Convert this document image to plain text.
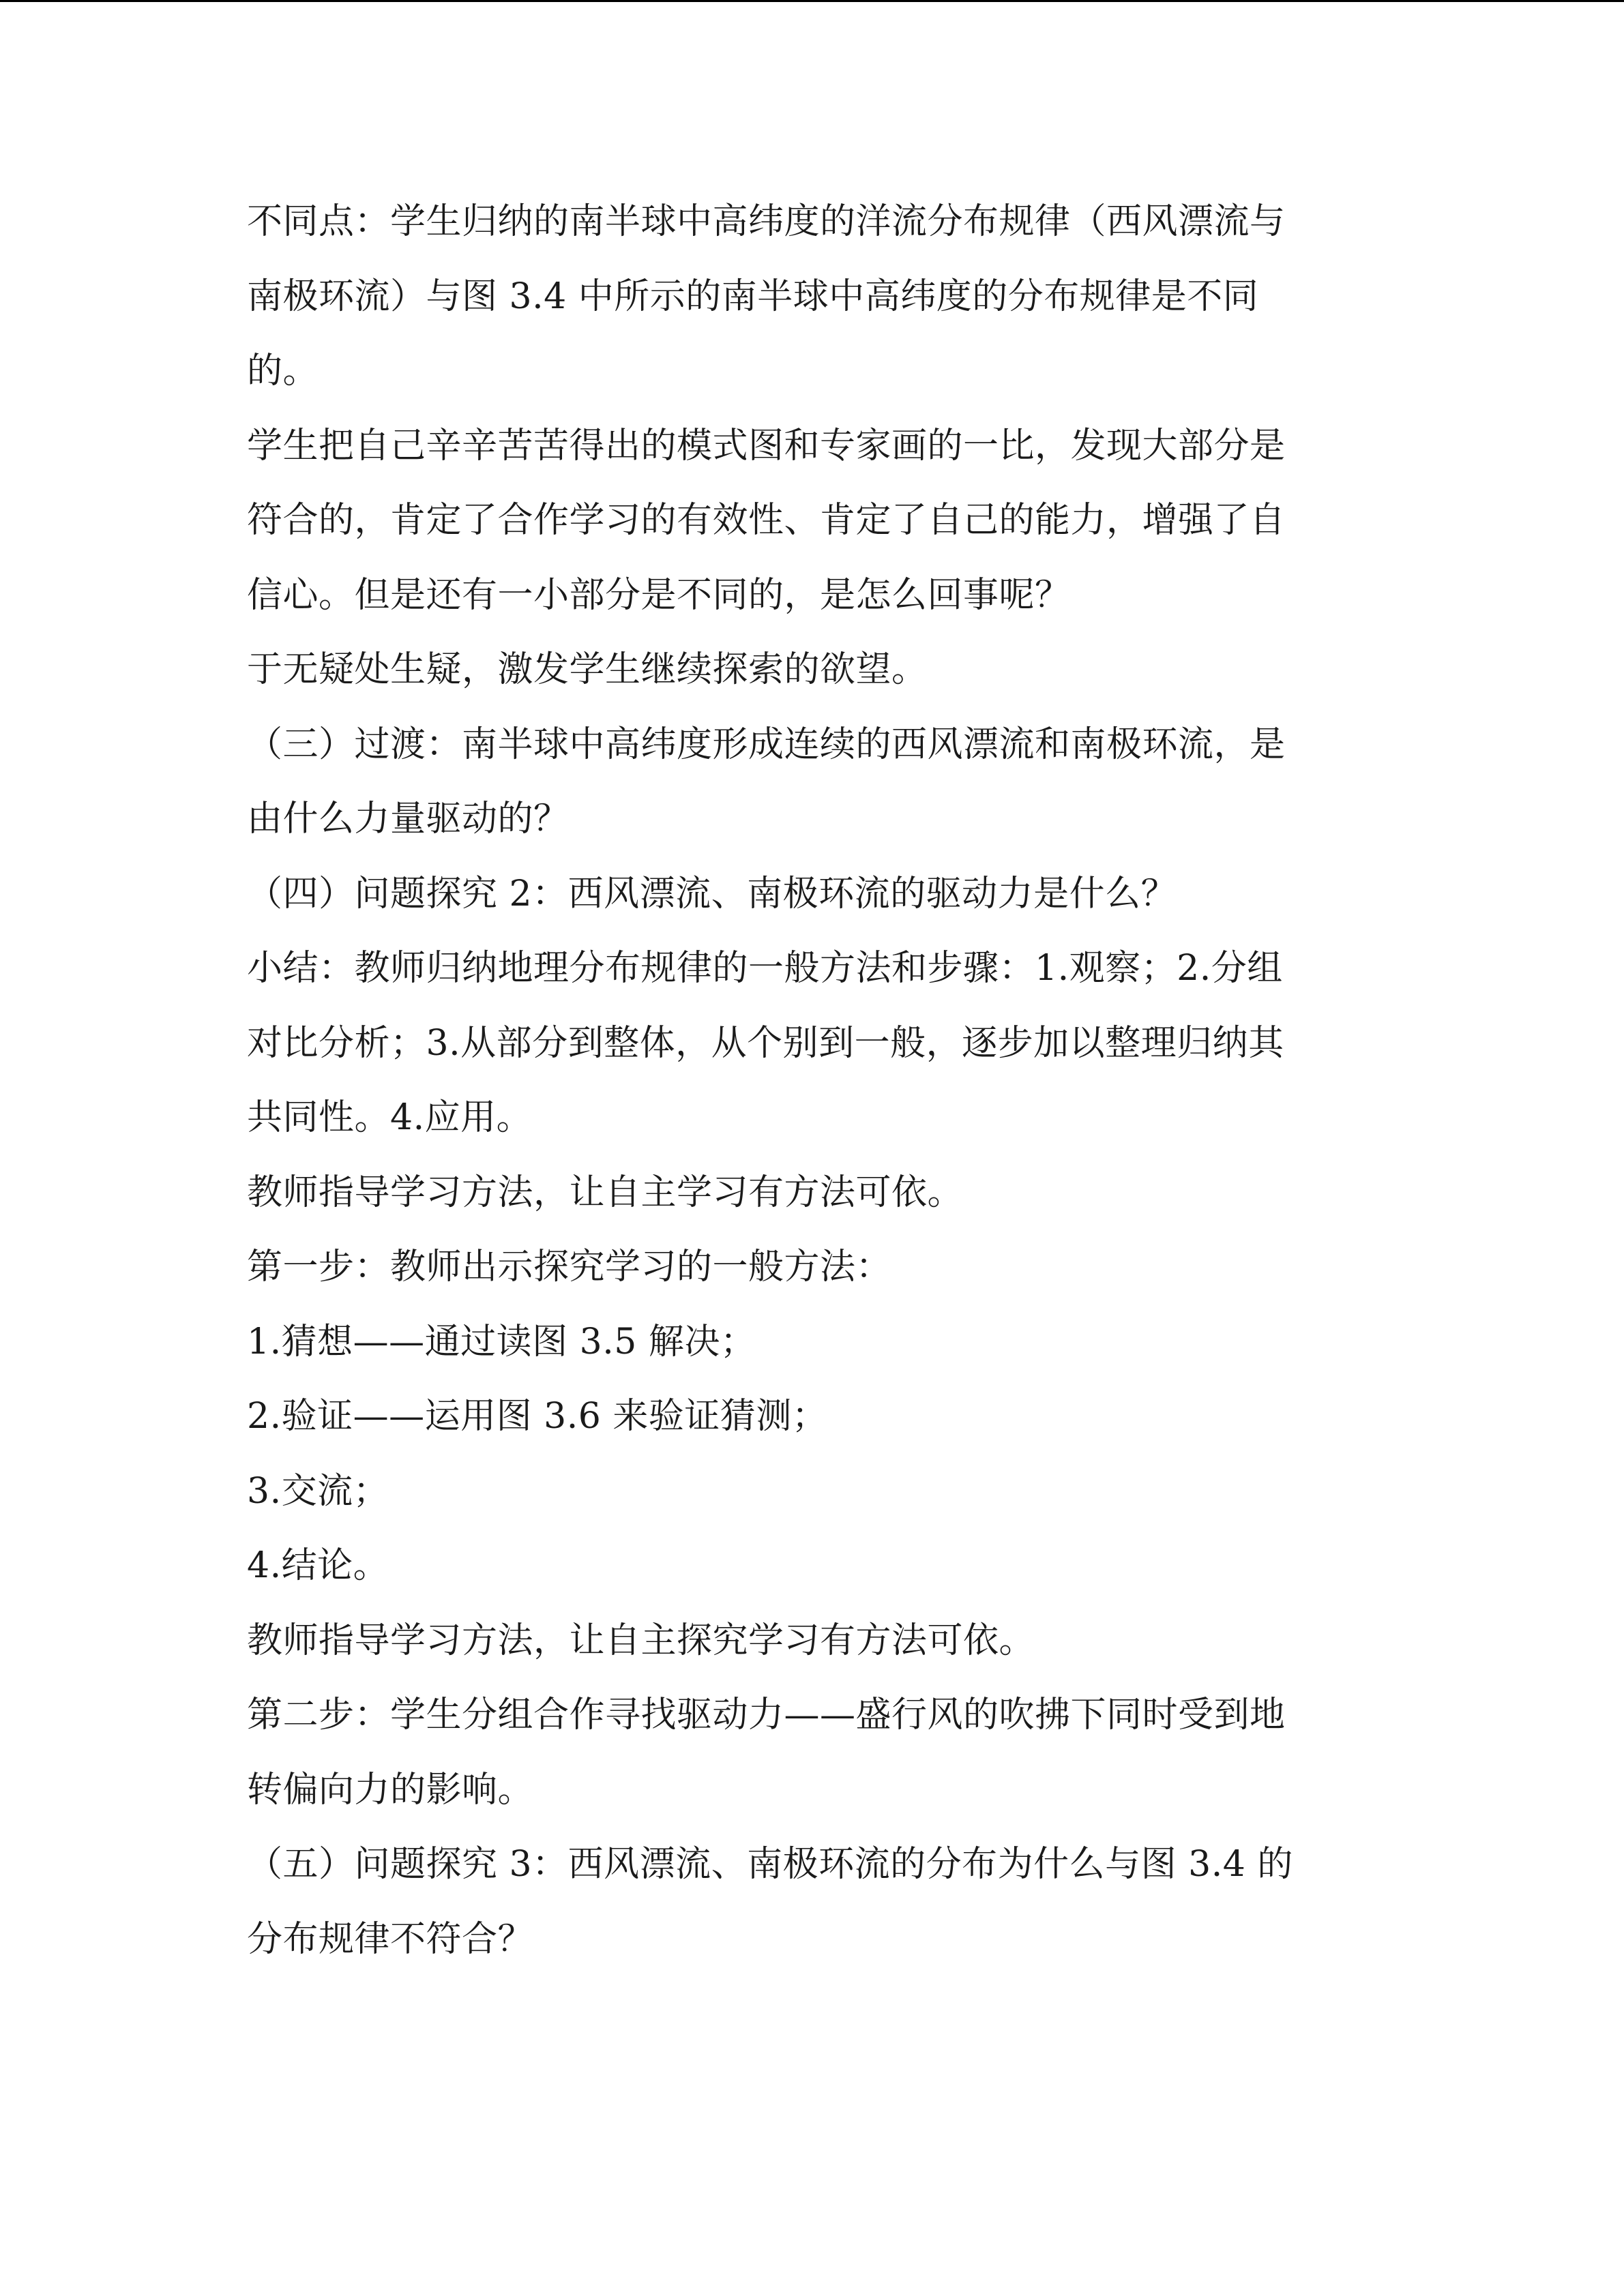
不同点：学生归纳的南半球中高纬度的洋流分布规律（西风漂流与
南极环流）与图 3.4 中所示的南半球中高纬度的分布规律是不同
的。
学生把自己辛辛苦苦得出的模式图和专家画的一比，发现大部分是
符合的，肯定了合作学习的有效性、肯定了自己的能力，增强了自
信心。但是还有一小部分是不同的，是怎么回事呢？
于无疑处生疑，激发学生继续探索的欲望。
（三）过渡：南半球中高纬度形成连续的西风漂流和南极环流，是
由什么力量驱动的？
（四）问题探究 2：西风漂流、南极环流的驱动力是什么？
小结：教师归纳地理分布规律的一般方法和步骤：1.观察；2.分组
对比分析；3.从部分到整体，从个别到一般，逐步加以整理归纳其
共同性。4.应用。
教师指导学习方法，让自主学习有方法可依。
第一步：教师出示探究学习的一般方法：
1.猜想——通过读图 3.5 解决；
2.验证——运用图 3.6 来验证猜测；
3.交流；
4.结论。
教师指导学习方法，让自主探究学习有方法可依。
第二步：学生分组合作寻找驱动力——盛行风的吹拂下同时受到地
转偏向力的影响。
（五）问题探究 3：西风漂流、南极环流的分布为什么与图 3.4 的
分布规律不符合？
